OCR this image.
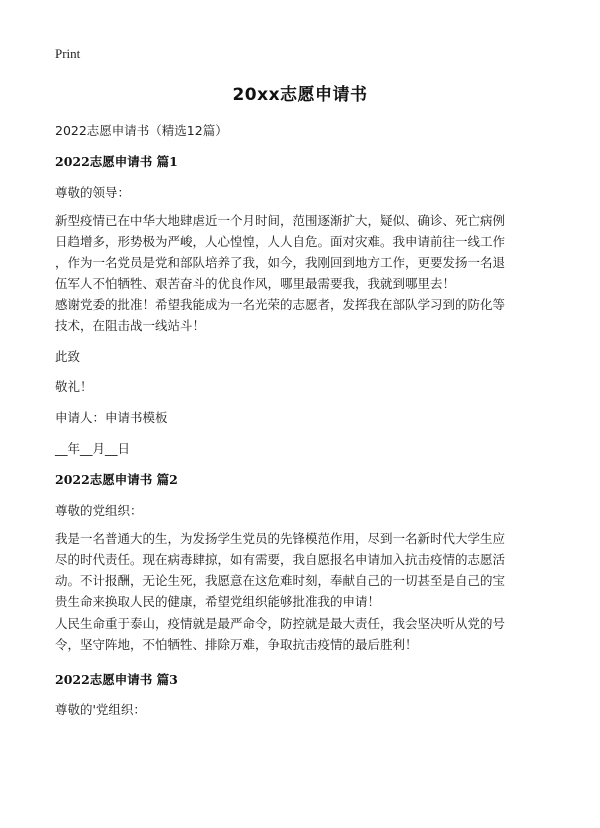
Print
20xx志愿申请书
2022志愿申请书（精选12篇）
2022志愿申请书 篇1
尊敬的领导：
新型疫情已在中华大地肆虐近一个月时间，范围逐渐扩大，疑似、确诊、死亡病例
日趋增多，形势极为严峻，人心惶惶，人人自危。面对灾难。我申请前往一线工作
，作为一名党员是党和部队培养了我，如今，我刚回到地方工作，更要发扬一名退
伍军人不怕牺牲、艰苦奋斗的优良作风，哪里最需要我，我就到哪里去！
感谢党委的批准！希望我能成为一名光荣的志愿者，发挥我在部队学习到的防化等
技术，在阻击战一线站斗！
此致
敬礼！
申请人：申请书模板
__年__月__日
2022志愿申请书 篇2
尊敬的党组织：
我是一名普通大的生，为发扬学生党员的先锋模范作用，尽到一名新时代大学生应
尽的时代责任。现在病毒肆掠，如有需要，我自愿报名申请加入抗击疫情的志愿活
动。不计报酬，无论生死，我愿意在这危难时刻，奉献自己的一切甚至是自己的宝
贵生命来换取人民的健康，希望党组织能够批准我的申请！
人民生命重于泰山，疫情就是最严命令，防控就是最大责任，我会坚决听从党的号
令，坚守阵地，不怕牺牲、排除万难，争取抗击疫情的最后胜利！
2022志愿申请书 篇3
尊敬的'党组织：
